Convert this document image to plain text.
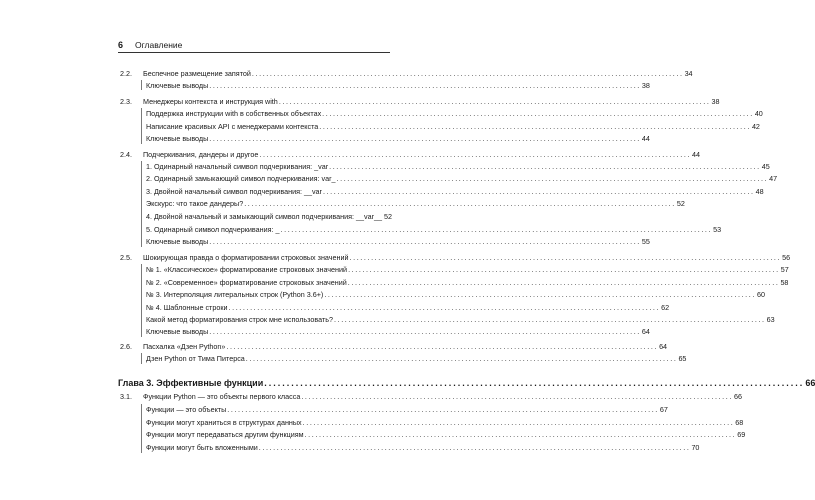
6 Оглавление
2.2.	Беспечное размещение запятой ........................................................................................................................ 34
Ключевые выводы ........................................................................................................................ 38
2.3.	Менеджеры контекста и инструкция with ........................................................................................................................ 38
Поддержка инструкции with в собственных объектах ........................................................................................................................ 40
Написание красивых API с менеджерами контекста ........................................................................................................................ 42
Ключевые выводы ........................................................................................................................ 44
2.4.	Подчеркивания, дандеры и другое ........................................................................................................................ 44
1. Одинарный начальный символ подчеркивания: _var ........................................................................................................................ 45
2. Одинарный замыкающий символ подчеркивания: var_ ........................................................................................................................ 47
3. Двойной начальный символ подчеркивания: __var ........................................................................................................................ 48
Экскурс: что такое дандеры? ........................................................................................................................ 52
4. Двойной начальный и замыкающий символ подчеркивания: __var__ 52
5. Одинарный символ подчеркивания: _ ........................................................................................................................ 53
Ключевые выводы ........................................................................................................................ 55
2.5.	Шокирующая правда о форматировании строковых значений ........................................................................................................................ 56
№ 1. «Классическое» форматирование строковых значений ........................................................................................................................ 57
№ 2. «Современное» форматирование строковых значений ........................................................................................................................ 58
№ 3. Интерполяция литеральных строк (Python 3.6+) ........................................................................................................................ 60
№ 4. Шаблонные строки ........................................................................................................................ 62
Какой метод форматирования строк мне использовать? ........................................................................................................................ 63
Ключевые выводы ........................................................................................................................ 64
2.6.	Пасхалка «Дзен Python» ........................................................................................................................ 64
Дзен Python от Тима Питерса ........................................................................................................................ 65
Глава 3. Эффективные функции ........................................................................................................................ 66
3.1.	Функции Python — это объекты первого класса ........................................................................................................................ 66
Функции — это объекты ........................................................................................................................ 67
Функции могут храниться в структурах данных ........................................................................................................................ 68
Функции могут передаваться другим функциям ........................................................................................................................ 69
Функции могут быть вложенными ........................................................................................................................ 70
